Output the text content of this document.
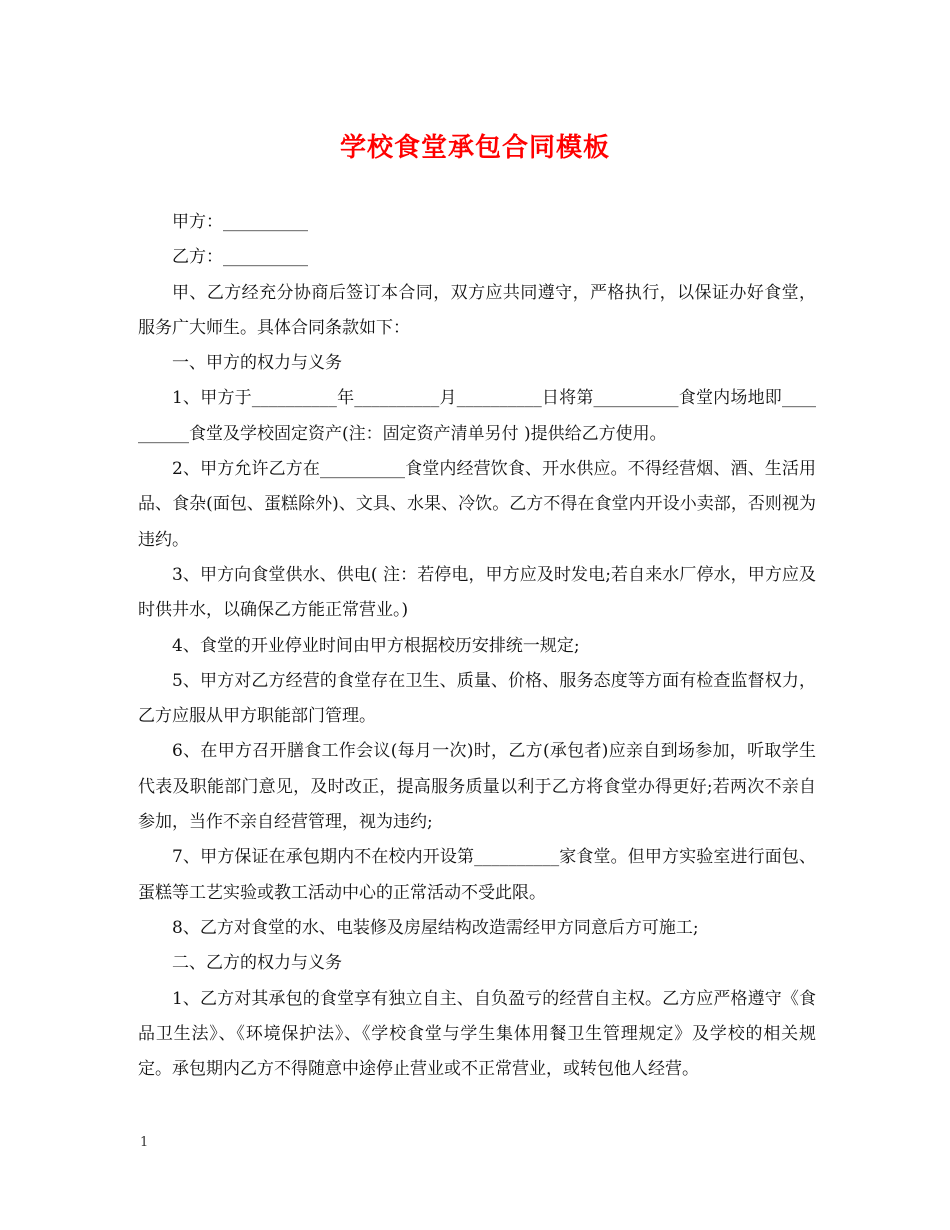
学校食堂承包合同模板

甲方：__________

乙方：__________

甲、乙方经充分协商后签订本合同，双方应共同遵守，严格执行，以保证办好食堂，服务广大师生。具体合同条款如下：

一、甲方的权力与义务

1、甲方于__________年__________月__________日将第__________食堂内场地即__________食堂及学校固定资产(注：固定资产清单另付 )提供给乙方使用。

2、甲方允许乙方在__________食堂内经营饮食、开水供应。不得经营烟、酒、生活用品、食杂(面包、蛋糕除外)、文具、水果、冷饮。乙方不得在食堂内开设小卖部，否则视为违约。

3、甲方向食堂供水、供电( 注：若停电，甲方应及时发电;若自来水厂停水，甲方应及时供井水，以确保乙方能正常营业。)

4、食堂的开业停业时间由甲方根据校历安排统一规定;

5、甲方对乙方经营的食堂存在卫生、质量、价格、服务态度等方面有检查监督权力，乙方应服从甲方职能部门管理。

6、在甲方召开膳食工作会议(每月一次)时，乙方(承包者)应亲自到场参加，听取学生代表及职能部门意见，及时改正，提高服务质量以利于乙方将食堂办得更好;若两次不亲自参加，当作不亲自经营管理，视为违约;

7、甲方保证在承包期内不在校内开设第__________家食堂。但甲方实验室进行面包、蛋糕等工艺实验或教工活动中心的正常活动不受此限。

8、乙方对食堂的水、电装修及房屋结构改造需经甲方同意后方可施工;

二、乙方的权力与义务

1、乙方对其承包的食堂享有独立自主、自负盈亏的经营自主权。乙方应严格遵守《食品卫生法》、《环境保护法》、《学校食堂与学生集体用餐卫生管理规定》及学校的相关规定。承包期内乙方不得随意中途停止营业或不正常营业，或转包他人经营。

1
